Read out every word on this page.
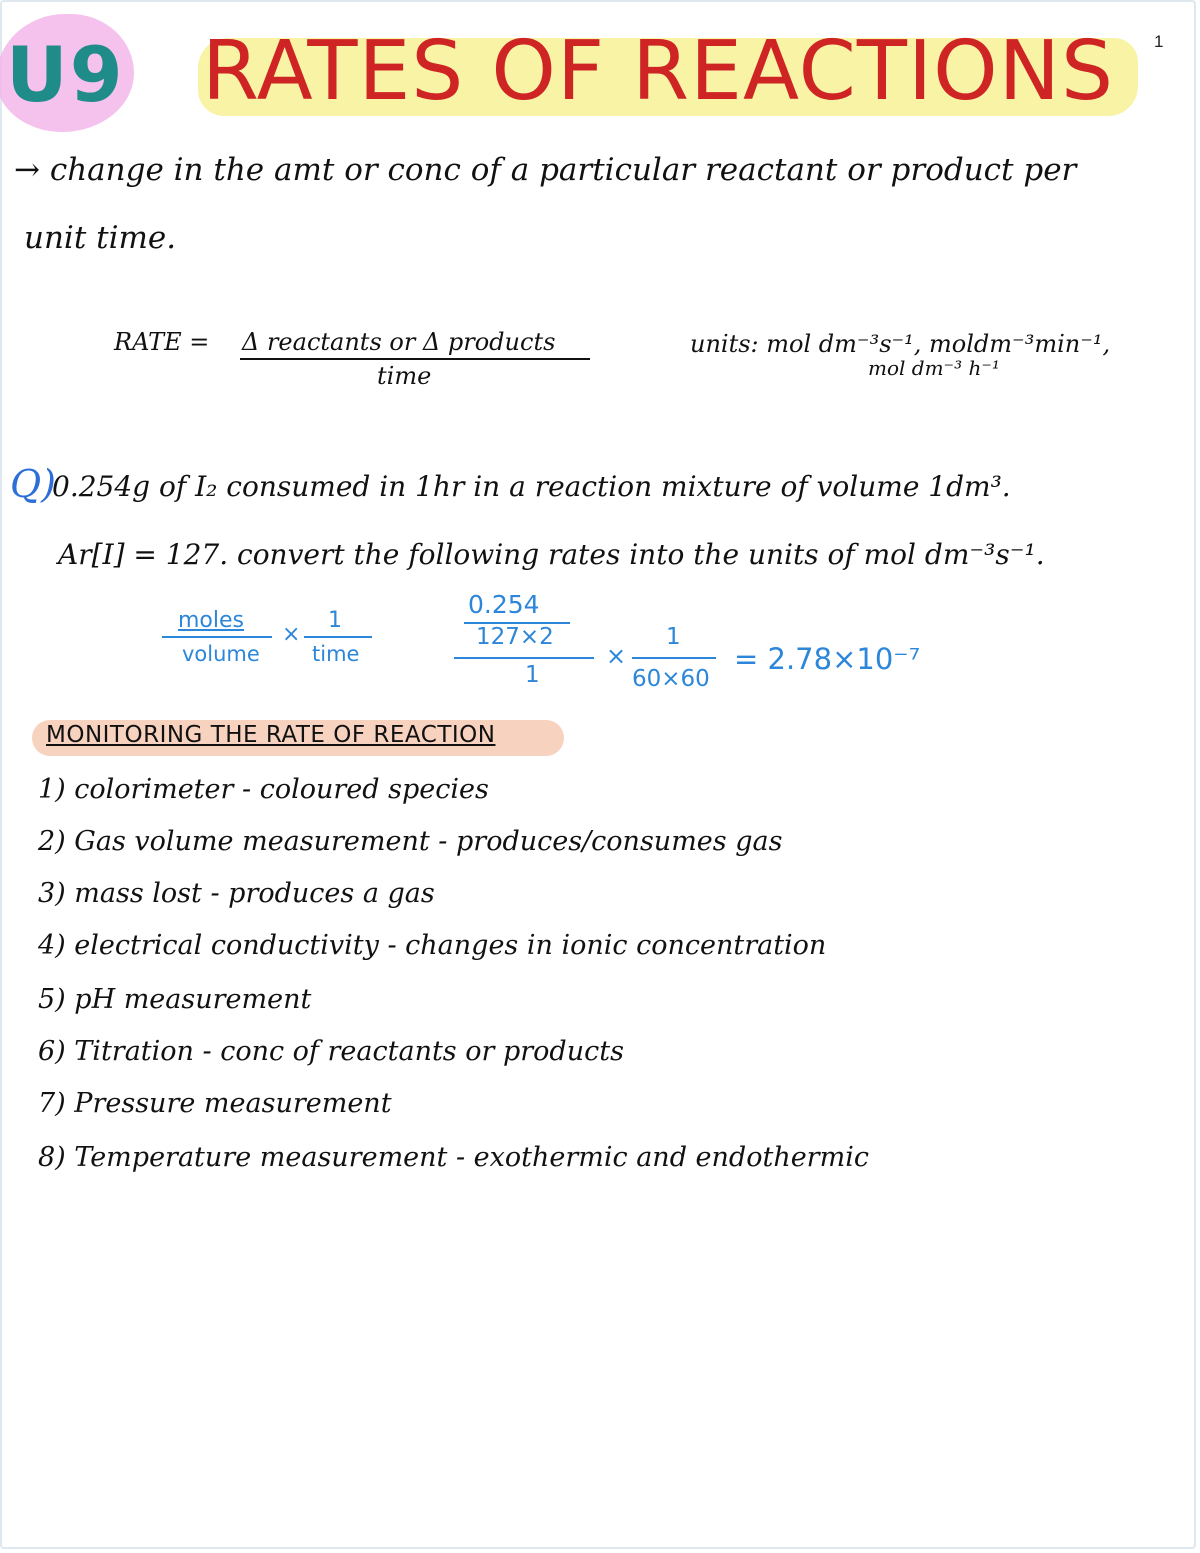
U9 RATES OF REACTIONS 1
→ change in the amt or conc of a particular reactant or product per
unit time.
RATE = Δ reactants or Δ products
time
units: mol dm⁻³s⁻¹, moldm⁻³min⁻¹,
mol dm⁻³ h⁻¹
Q)
0.254g of I₂ consumed in 1hr in a reaction mixture of volume 1dm³.
Ar[I] = 127. convert the following rates into the units of mol dm⁻³s⁻¹.
moles
volume
×
1
time
0.254
127×2
1
×
1
60×60
= 2.78×10⁻⁷
MONITORING THE RATE OF REACTION
1) colorimeter - coloured species
2) Gas volume measurement - produces/consumes gas
3) mass lost - produces a gas
4) electrical conductivity - changes in ionic concentration
5) pH measurement
6) Titration - conc of reactants or products
7) Pressure measurement
8) Temperature measurement - exothermic and endothermic
